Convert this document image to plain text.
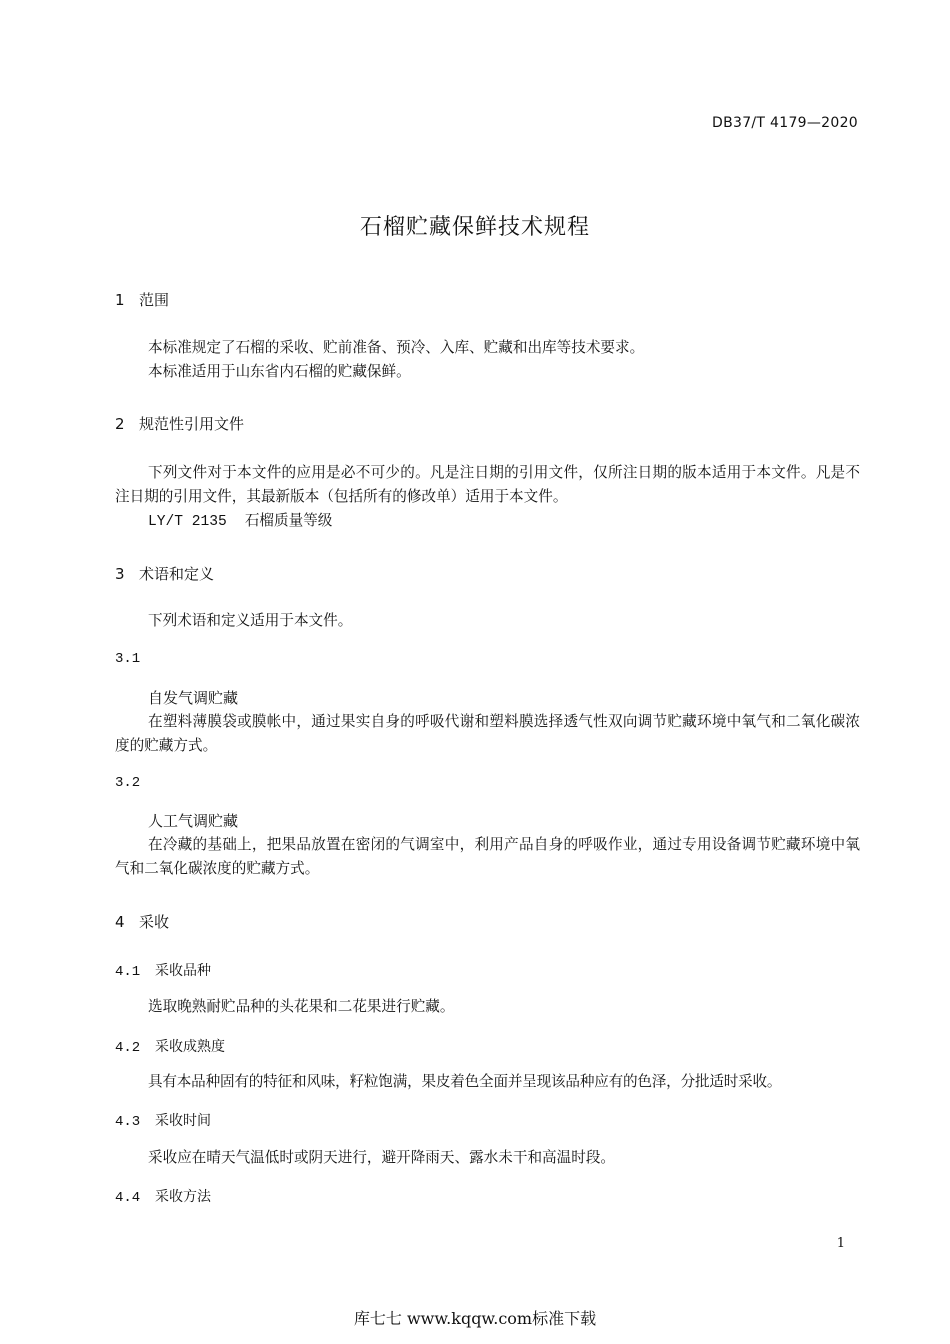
DB37/T 4179—2020
石榴贮藏保鲜技术规程
1 范围
本标准规定了石榴的采收、贮前准备、预冷、入库、贮藏和出库等技术要求。
本标准适用于山东省内石榴的贮藏保鲜。
2 规范性引用文件
下列文件对于本文件的应用是必不可少的。凡是注日期的引用文件，仅所注日期的版本适用于本文件。凡是不注日期的引用文件，其最新版本（包括所有的修改单）适用于本文件。
LY/T 2135 石榴质量等级
3 术语和定义
下列术语和定义适用于本文件。
3.1
自发气调贮藏
在塑料薄膜袋或膜帐中，通过果实自身的呼吸代谢和塑料膜选择透气性双向调节贮藏环境中氧气和二氧化碳浓度的贮藏方式。
3.2
人工气调贮藏
在冷藏的基础上，把果品放置在密闭的气调室中，利用产品自身的呼吸作业，通过专用设备调节贮藏环境中氧气和二氧化碳浓度的贮藏方式。
4 采收
4.1 采收品种
选取晚熟耐贮品种的头花果和二花果进行贮藏。
4.2 采收成熟度
具有本品种固有的特征和风味，籽粒饱满，果皮着色全面并呈现该品种应有的色泽，分批适时采收。
4.3 采收时间
采收应在晴天气温低时或阴天进行，避开降雨天、露水未干和高温时段。
4.4 采收方法
1
库七七 www.kqqw.com标准下载
